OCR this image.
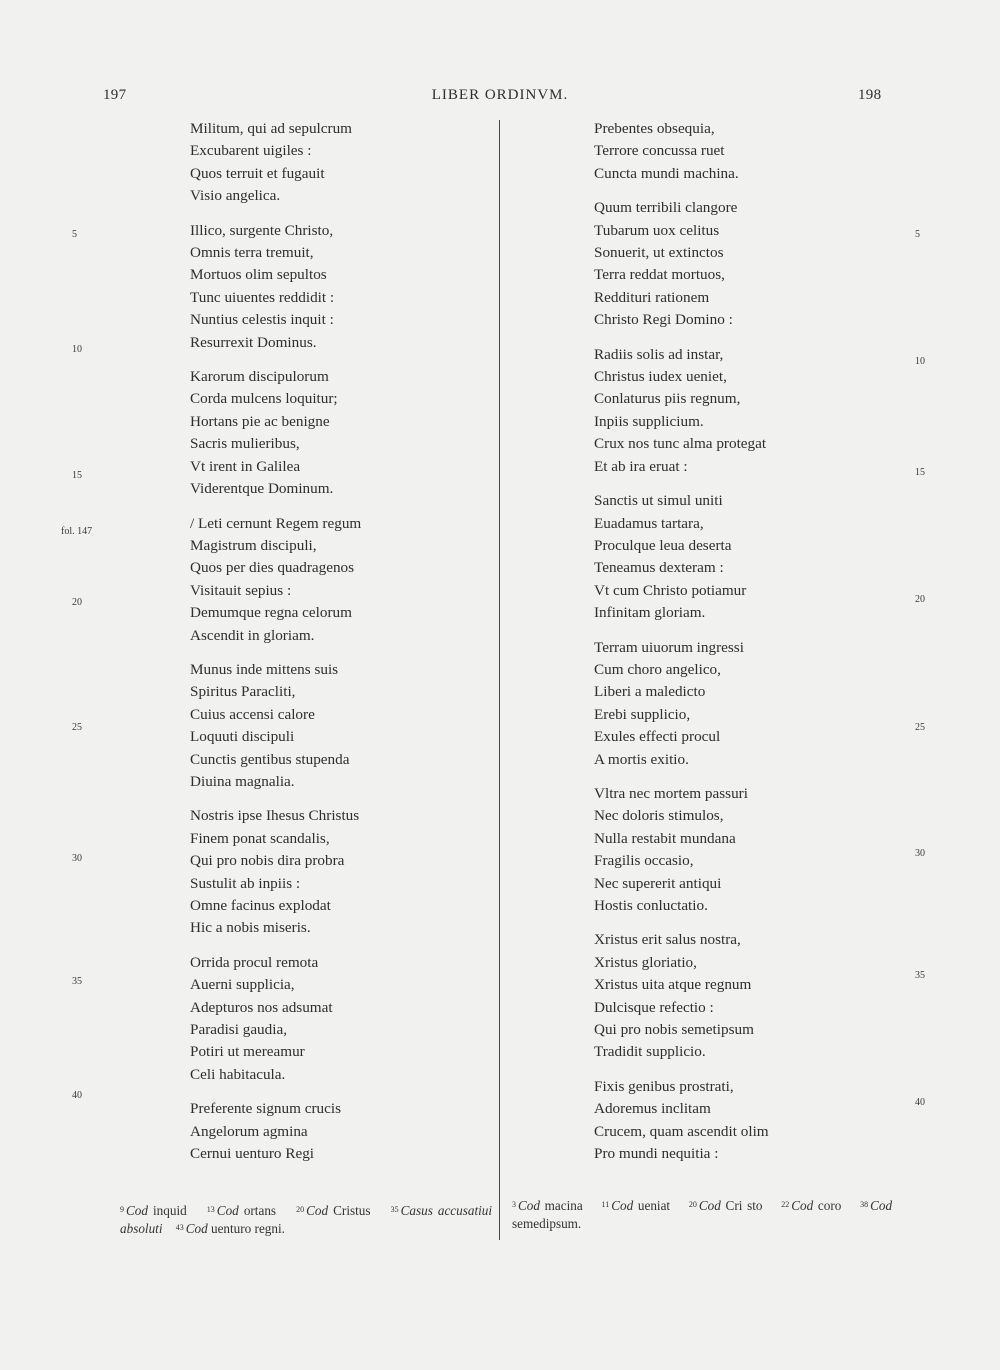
197	LIBER ORDINVM.	198
fol. 147
Militum, qui ad sepulcrum
Excubarent uigiles :
Quos terruit et fugauit
Visio angelica.
Illico, surgente Christo,
Omnis terra tremuit,
Mortuos olim sepultos
Tunc uiuentes reddidit :
Nuntius celestis inquit :
Resurrexit Dominus.
Karorum discipulorum
Corda mulcens loquitur;
Hortans pie ac benigne
Sacris mulieribus,
Vt irent in Galilea
Viderentque Dominum.
/ Leti cernunt Regem regum
Magistrum discipuli,
Quos per dies quadragenos
Visitauit sepius :
Demumque regna celorum
Ascendit in gloriam.
Munus inde mittens suis
Spiritus Paracliti,
Cuius accensi calore
Loquuti discipuli
Cunctis gentibus stupenda
Diuina magnalia.
Nostris ipse Ihesus Christus
Finem ponat scandalis,
Qui pro nobis dira probra
Sustulit ab inpiis :
Omne facinus explodat
Hic a nobis miseris.
Orrida procul remota
Auerni supplicia,
Adepturos nos adsumat
Paradisi gaudia,
Potiri ut mereamur
Celi habitacula.
Preferente signum crucis
Angelorum agmina
Cernui uenturo Regi
Prebentes obsequia,
Terrore concussa ruet
Cuncta mundi machina.
Quum terribili clangore
Tubarum uox celitus
Sonuerit, ut extinctos
Terra reddat mortuos,
Reddituri rationem
Christo Regi Domino :
Radiis solis ad instar,
Christus iudex ueniet,
Conlaturus piis regnum,
Inpiis supplicium.
Crux nos tunc alma protegat
Et ab ira eruat :
Sanctis ut simul uniti
Euadamus tartara,
Proculque leua deserta
Teneamus dexteram :
Vt cum Christo potiamur
Infinitam gloriam.
Terram uiuorum ingressi
Cum choro angelico,
Liberi a maledicto
Erebi supplicio,
Exules effecti procul
A mortis exitio.
Vltra nec mortem passuri
Nec doloris stimulos,
Nulla restabit mundana
Fragilis occasio,
Nec supererit antiqui
Hostis conluctatio.
Xristus erit salus nostra,
Xristus gloriatio,
Xristus uita atque regnum
Dulcisque refectio :
Qui pro nobis semetipsum
Tradidit supplicio.
Fixis genibus prostrati,
Adoremus inclitam
Crucem, quam ascendit olim
Pro mundi nequitia :
5
10
15
20
25
30
35
40
5
10
15
20
25
30
35
40
$^9$ Cod inquid	$^{13}$ Cod ortans	$^{20}$ Cod Cristus	$^{35}$ Casus accusatiui absoluti $^{43}$ Cod uenturo regni.
$^3$ Cod macina $^{11}$ Cod ueniat $^{20}$ Cod Cri sto $^{22}$ Cod coro $^{38}$ Cod semedipsum.
